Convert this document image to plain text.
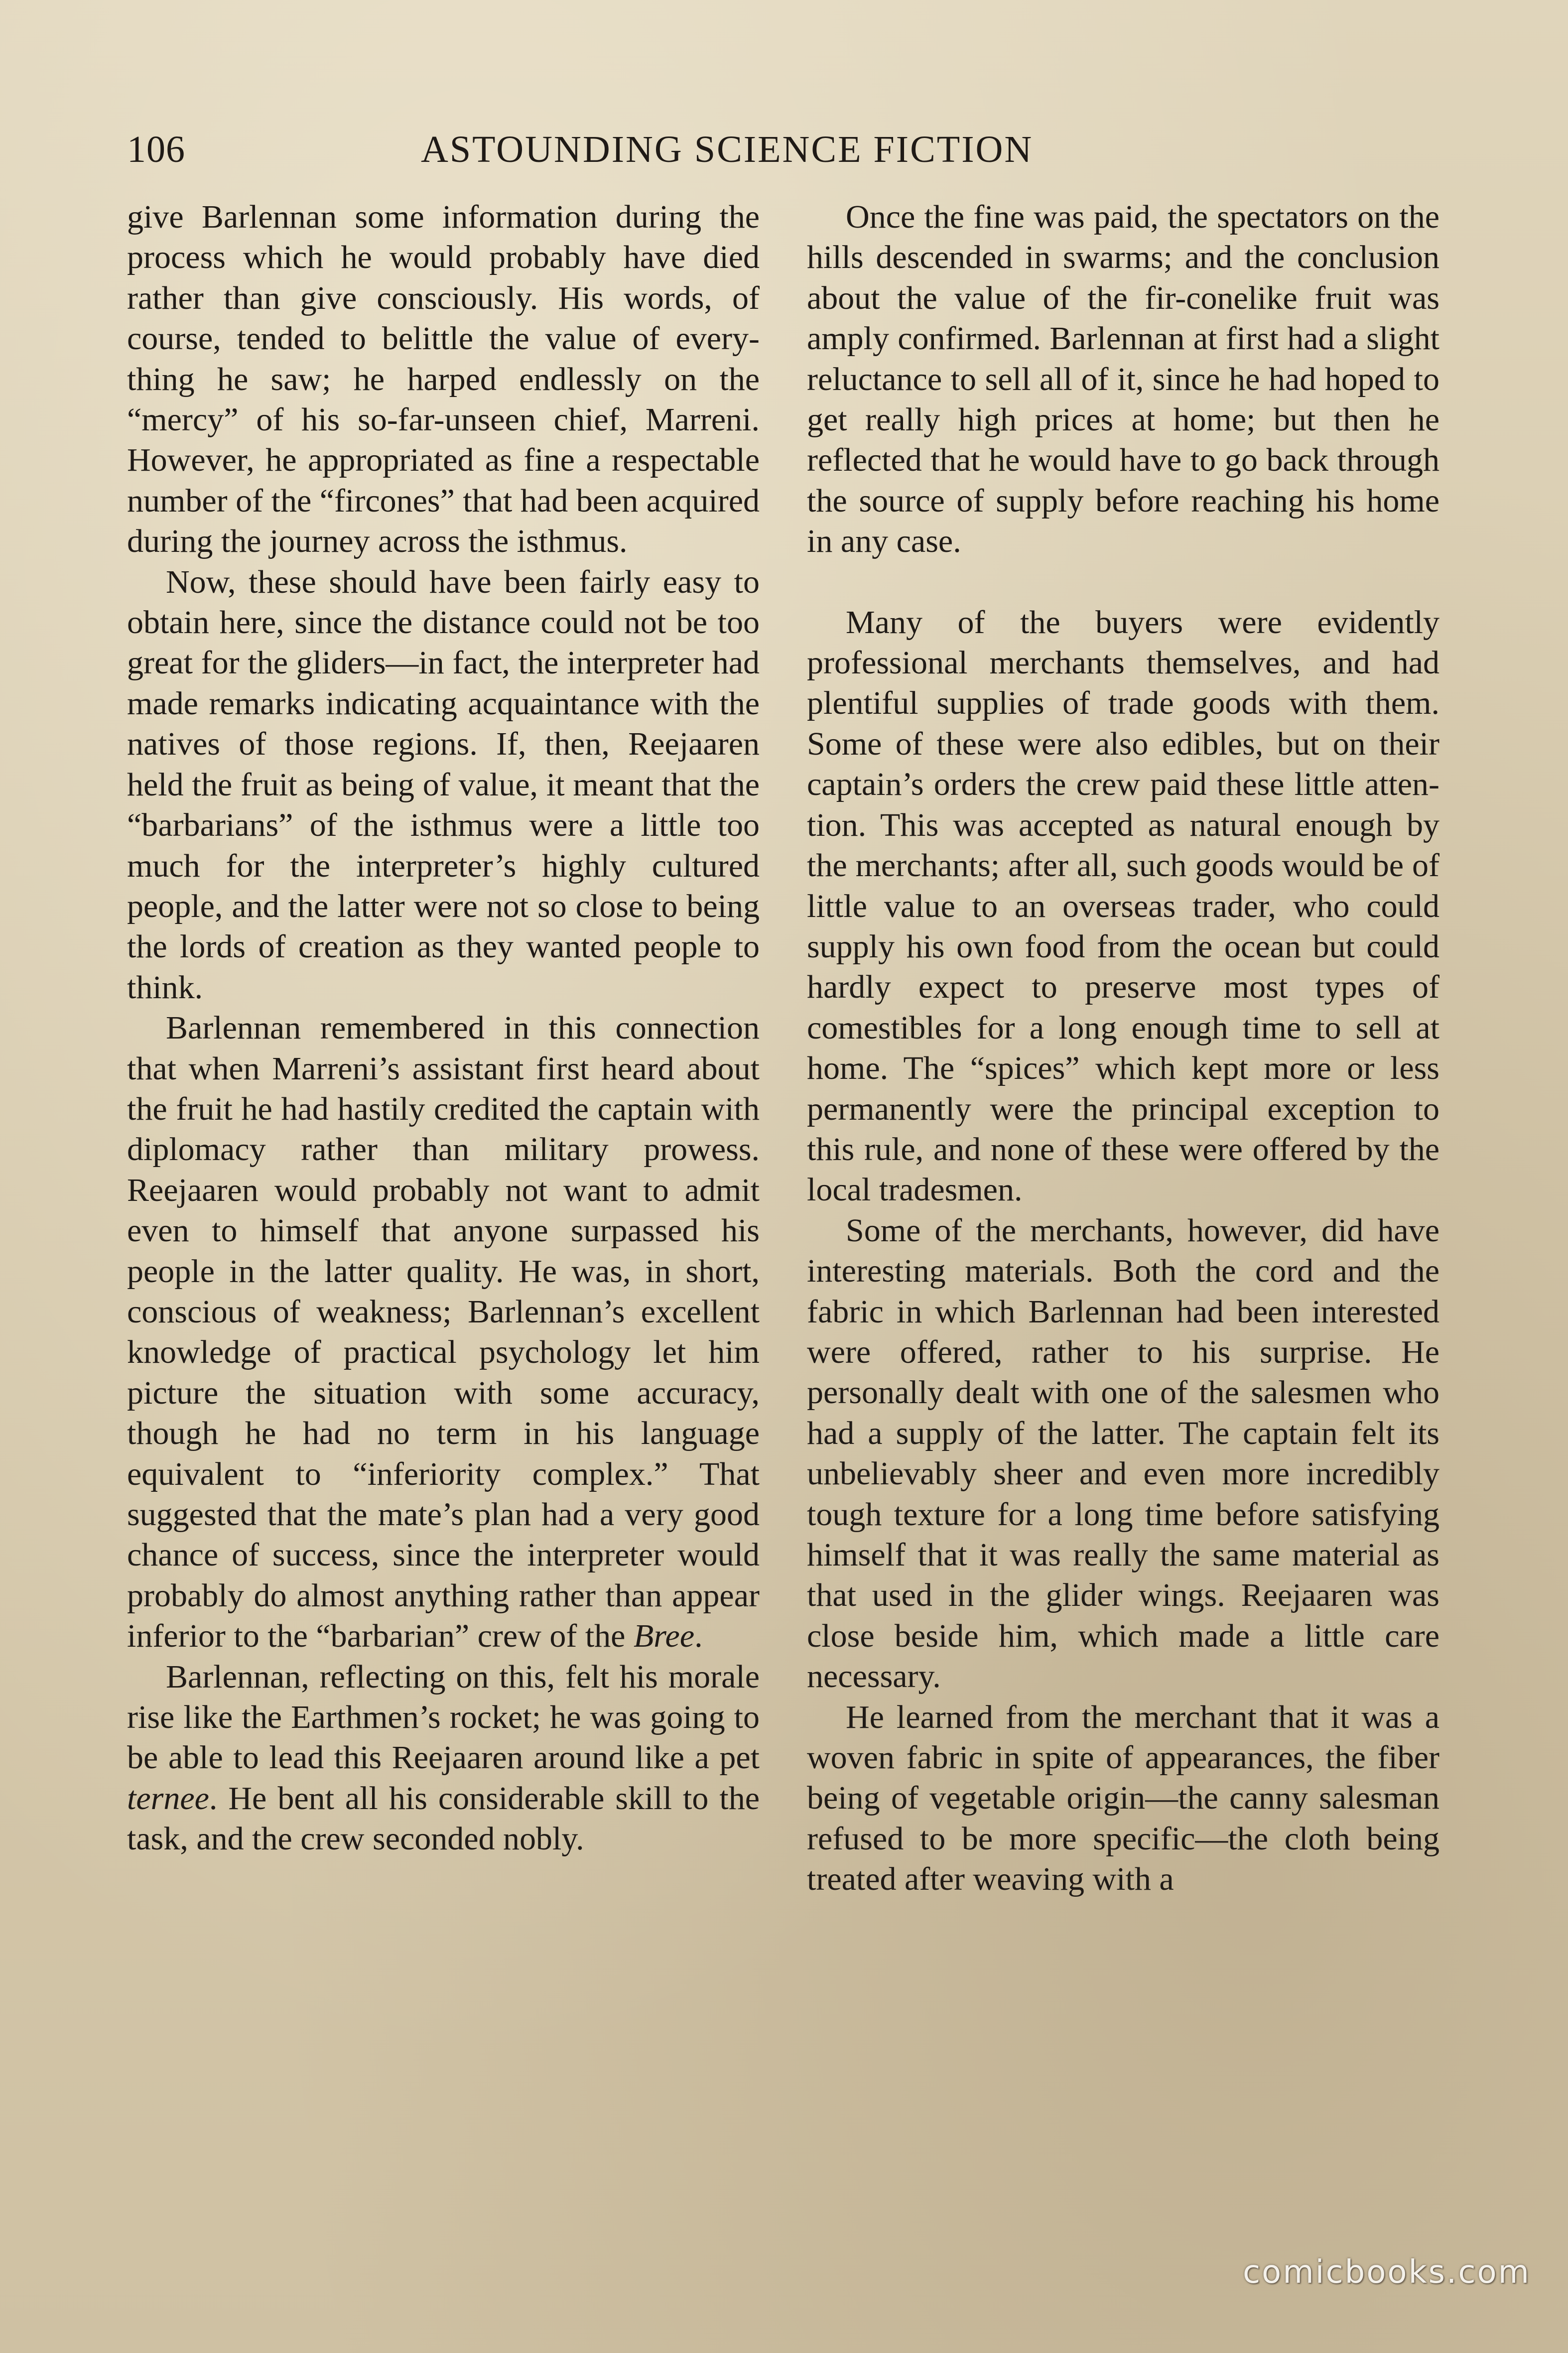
106	ASTOUNDING SCIENCE FICTION

give Barlennan some information during the process which he would probably have died rather than give consciously. His words, of course, tended to belittle the value of everything he saw; he harped endlessly on the “mercy” of his so-far-unseen chief, Marreni. However, he appropriated as fine a respectable number of the “fircones” that had been acquired during the journey across the isthmus.

Now, these should have been fairly easy to obtain here, since the distance could not be too great for the gliders—in fact, the interpreter had made remarks indicating acquaintance with the natives of those regions. If, then, Reejaaren held the fruit as being of value, it meant that the “barbarians” of the isthmus were a little too much for the interpreter’s highly cultured people, and the latter were not so close to being the lords of creation as they wanted people to think.

Barlennan remembered in this connection that when Marreni’s assistant first heard about the fruit he had hastily credited the captain with diplomacy rather than military prowess. Reejaaren would probably not want to admit even to himself that anyone surpassed his people in the latter quality. He was, in short, conscious of weakness; Barlennan’s excellent knowledge of practical psychology let him picture the situation with some accuracy, though he had no term in his language equivalent to “inferiority complex.” That suggested that the mate’s plan had a very good chance of success, since the interpreter would probably do almost anything rather than appear inferior to the “barbarian” crew of the Bree.

Barlennan, reflecting on this, felt his morale rise like the Earthmen’s rocket; he was going to be able to lead this Reejaaren around like a pet ternee. He bent all his considerable skill to the task, and the crew seconded nobly.

Once the fine was paid, the spectators on the hills descended in swarms; and the conclusion about the value of the fir-conelike fruit was amply confirmed. Barlennan at first had a slight reluctance to sell all of it, since he had hoped to get really high prices at home; but then he reflected that he would have to go back through the source of supply before reaching his home in any case.

Many of the buyers were evidently professional merchants themselves, and had plentiful supplies of trade goods with them. Some of these were also edibles, but on their captain’s orders the crew paid these little attention. This was accepted as natural enough by the merchants; after all, such goods would be of little value to an overseas trader, who could supply his own food from the ocean but could hardly expect to preserve most types of comestibles for a long enough time to sell at home. The “spices” which kept more or less permanently were the principal exception to this rule, and none of these were offered by the local tradesmen.

Some of the merchants, however, did have interesting materials. Both the cord and the fabric in which Barlennan had been interested were offered, rather to his surprise. He personally dealt with one of the salesmen who had a supply of the latter. The captain felt its unbelievably sheer and even more incredibly tough texture for a long time before satisfying himself that it was really the same material as that used in the glider wings. Reejaaren was close beside him, which made a little care necessary.

He learned from the merchant that it was a woven fabric in spite of appearances, the fiber being of vegetable origin—the canny salesman refused to be more specific—the cloth being treated after weaving with a

comicbooks.com
